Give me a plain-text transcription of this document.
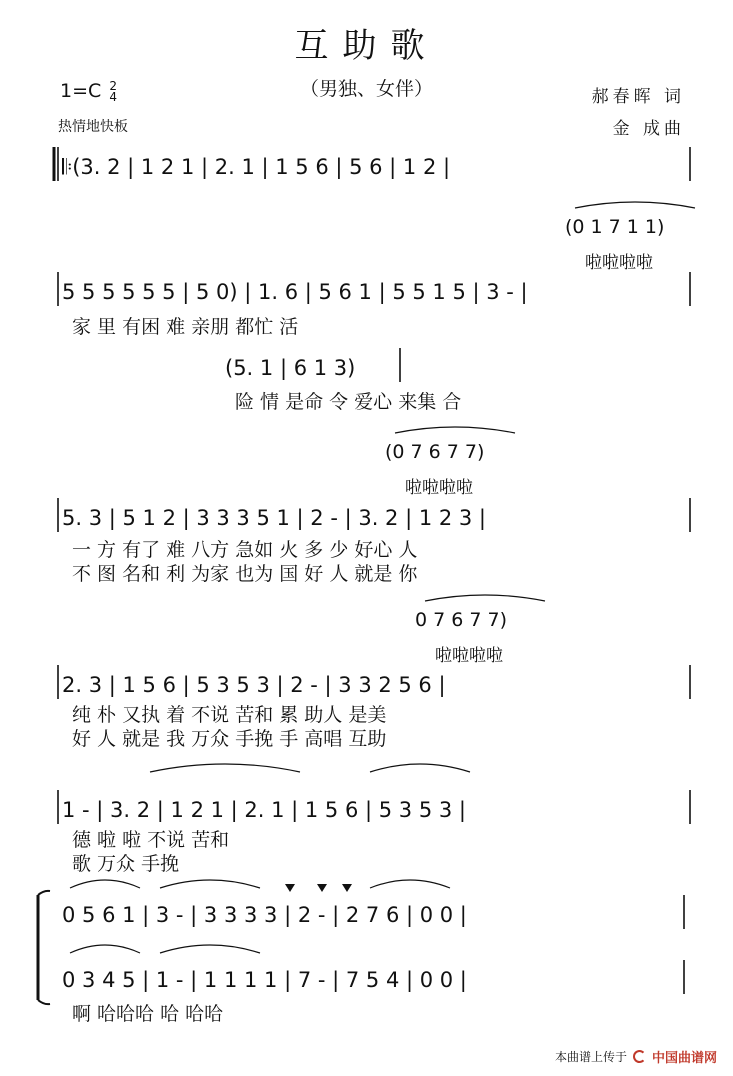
互助歌
（男独、女伴）
1=C 2
4
热情地快板
郝春晖 词
金 成曲
𝄆(3. 2 | 1 2 1 | 2. 1 | 1 5 6 | 5 6 | 1 2 |
5 5 5 5 5 5 | 5 0) | 1. 6 | 5 6 1 | 5 5 1 5 | 3 - |
家 里 有困 难 亲朋 都忙 活
(0 1 7 1 1)
啦啦啦啦
(5. 1 | 6 1 3)
险 情 是命 令 爱心 来集 合
5. 3 | 5 1 2 | 3 3 3 5 1 | 2 - | 3. 2 | 1 2 3 |
一 方 有了 难 八方 急如 火 多 少 好心 人
不 图 名和 利 为家 也为 国 好 人 就是 你
(0 7 6 7 7)
啦啦啦啦
2. 3 | 1 5 6 | 5 3 5 3 | 2 - | 3 3 2 5 6 |
纯 朴 又执 着 不说 苦和 累 助人 是美
好 人 就是 我 万众 手挽 手 高唱 互助
0 7 6 7 7)
啦啦啦啦
1 - | 3. 2 | 1 2 1 | 2. 1 | 1 5 6 | 5 3 5 3 |
德 啦 啦 不说 苦和
歌 万众 手挽
0 5 6 1 | 3 - | 3 3 3 3 | 2 - | 2 7 6 | 0 0 |
0 3 4 5 | 1 - | 1 1 1 1 | 7 - | 7 5 4 | 0 0 |
啊 哈哈哈 哈 哈哈
本曲谱上传于 中国曲谱网
